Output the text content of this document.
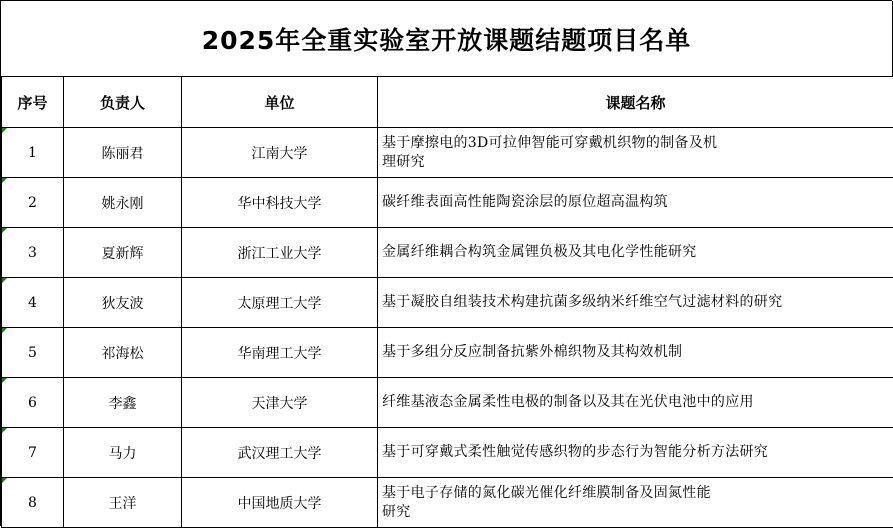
2025年全重实验室开放课题结题项目名单
序号	负责人	单位	课题名称
1	陈丽君	江南大学	基于摩擦电的3D可拉伸智能可穿戴机织物的制备及机
理研究

2	姚永刚	华中科技大学	碳纤维表面高性能陶瓷涂层的原位超高温构筑

3	夏新辉	浙江工业大学	金属纤维耦合构筑金属锂负极及其电化学性能研究

4	狄友波	太原理工大学	基于凝胶自组装技术构建抗菌多级纳米纤维空气过滤材料的研究

5	祁海松	华南理工大学	基于多组分反应制备抗紫外棉织物及其构效机制

6	李鑫	天津大学	纤维基液态金属柔性电极的制备以及其在光伏电池中的应用

7	马力	武汉理工大学	基于可穿戴式柔性触觉传感织物的步态行为智能分析方法研究

8	王洋	中国地质大学	基于电子存储的氮化碳光催化纤维膜制备及固氮性能
研究
